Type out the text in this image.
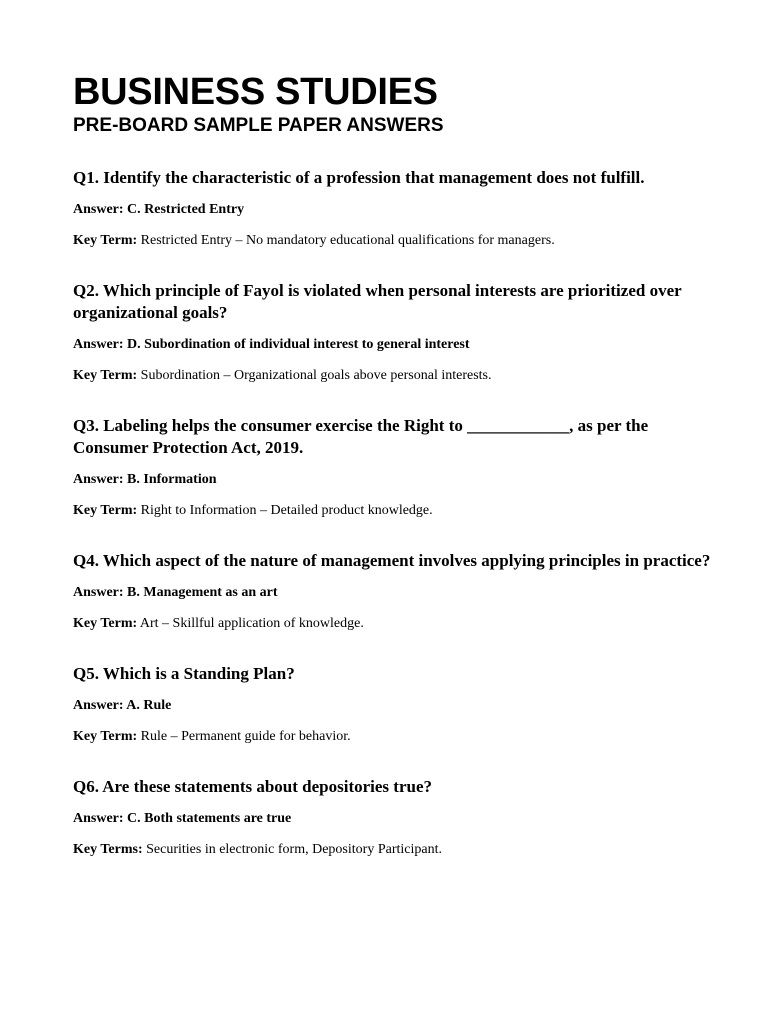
BUSINESS STUDIES
PRE-BOARD SAMPLE PAPER ANSWERS

Q1. Identify the characteristic of a profession that management does not fulfill.

Answer: C. Restricted Entry

Key Term: Restricted Entry – No mandatory educational qualifications for managers.

Q2. Which principle of Fayol is violated when personal interests are prioritized over organizational goals?

Answer: D. Subordination of individual interest to general interest

Key Term: Subordination – Organizational goals above personal interests.

Q3. Labeling helps the consumer exercise the Right to ____________, as per the Consumer Protection Act, 2019.

Answer: B. Information

Key Term: Right to Information – Detailed product knowledge.

Q4. Which aspect of the nature of management involves applying principles in practice?

Answer: B. Management as an art

Key Term: Art – Skillful application of knowledge.

Q5. Which is a Standing Plan?

Answer: A. Rule

Key Term: Rule – Permanent guide for behavior.

Q6. Are these statements about depositories true?

Answer: C. Both statements are true

Key Terms: Securities in electronic form, Depository Participant.
